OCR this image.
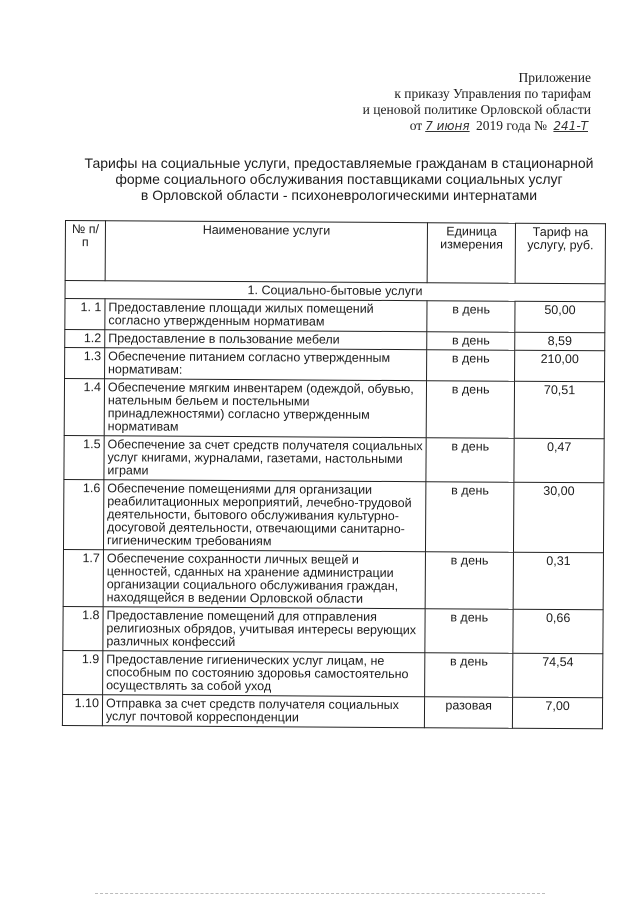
Приложение
к приказу Управления по тарифам
и ценовой политике Орловской области
от 7 июня 2019 года № 241-Т
Тарифы на социальные услуги, предоставляемые гражданам в стационарной
форме социального обслуживания поставщиками социальных услуг
в Орловской области - психоневрологическими интернатами
№ п/п	Наименование услуги	Единица измерения	Тариф на услугу, руб.
1. Социально-бытовые услуги			
1. 1	Предоставление площади жилых помещений согласно утвержденным нормативам	в день	50,00
1.2	Предоставление в пользование мебели	в день	8,59
1.3	Обеспечение питанием согласно утвержденным нормативам:	в день	210,00
1.4	Обеспечение мягким инвентарем (одеждой, обувью, нательным бельем и постельными принадлежностями) согласно утвержденным нормативам	в день	70,51
1.5	Обеспечение за счет средств получателя социальных услуг книгами, журналами, газетами, настольными играми	в день	0,47
1.6	Обеспечение помещениями для организации реабилитационных мероприятий, лечебно-трудовой деятельности, бытового обслуживания культурно-досуговой деятельности, отвечающими санитарно-гигиеническим требованиям	в день	30,00
1.7	Обеспечение сохранности личных вещей и ценностей, сданных на хранение администрации организации социального обслуживания граждан, находящейся в ведении Орловской области	в день	0,31
1.8	Предоставление помещений для отправления религиозных обрядов, учитывая интересы верующих различных конфессий	в день	0,66
1.9	Предоставление гигиенических услуг лицам, не способным по состоянию здоровья самостоятельно осуществлять за собой уход	в день	74,54
1.10	Отправка за счет средств получателя социальных услуг почтовой корреспонденции	разовая	7,00
